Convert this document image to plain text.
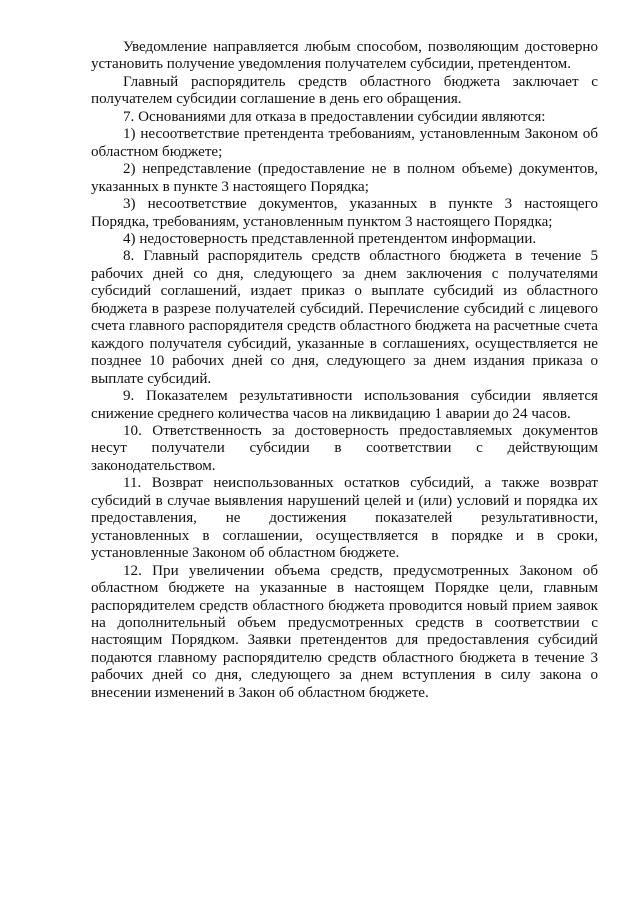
Уведомление направляется любым способом, позволяющим достоверно установить получение уведомления получателем субсидии, претендентом.

Главный распорядитель средств областного бюджета заключает с получателем субсидии соглашение в день его обращения.

7. Основаниями для отказа в предоставлении субсидии являются:

1) несоответствие претендента требованиям, установленным Законом об областном бюджете;

2) непредставление (предоставление не в полном объеме) документов, указанных в пункте 3 настоящего Порядка;

3) несоответствие документов, указанных в пункте 3 настоящего Порядка, требованиям, установленным пунктом 3 настоящего Порядка;

4) недостоверность представленной претендентом информации.

8. Главный распорядитель средств областного бюджета в течение 5 рабочих дней со дня, следующего за днем заключения с получателями субсидий соглашений, издает приказ о выплате субсидий из областного бюджета в разрезе получателей субсидий. Перечисление субсидий с лицевого счета главного распорядителя средств областного бюджета на расчетные счета каждого получателя субсидий, указанные в соглашениях, осуществляется не позднее 10 рабочих дней со дня, следующего за днем издания приказа о выплате субсидий.

9. Показателем результативности использования субсидии является снижение среднего количества часов на ликвидацию 1 аварии до 24 часов.

10. Ответственность за достоверность предоставляемых документов несут получатели субсидии в соответствии с действующим законодательством.

11. Возврат неиспользованных остатков субсидий, а также возврат субсидий в случае выявления нарушений целей и (или) условий и порядка их предоставления, не достижения показателей результативности, установленных в соглашении, осуществляется в порядке и в сроки, установленные Законом об областном бюджете.

12. При увеличении объема средств, предусмотренных Законом об областном бюджете на указанные в настоящем Порядке цели, главным распорядителем средств областного бюджета проводится новый прием заявок на дополнительный объем предусмотренных средств в соответствии с настоящим Порядком. Заявки претендентов для предоставления субсидий подаются главному распорядителю средств областного бюджета в течение 3 рабочих дней со дня, следующего за днем вступления в силу закона о внесении изменений в Закон об областном бюджете.
